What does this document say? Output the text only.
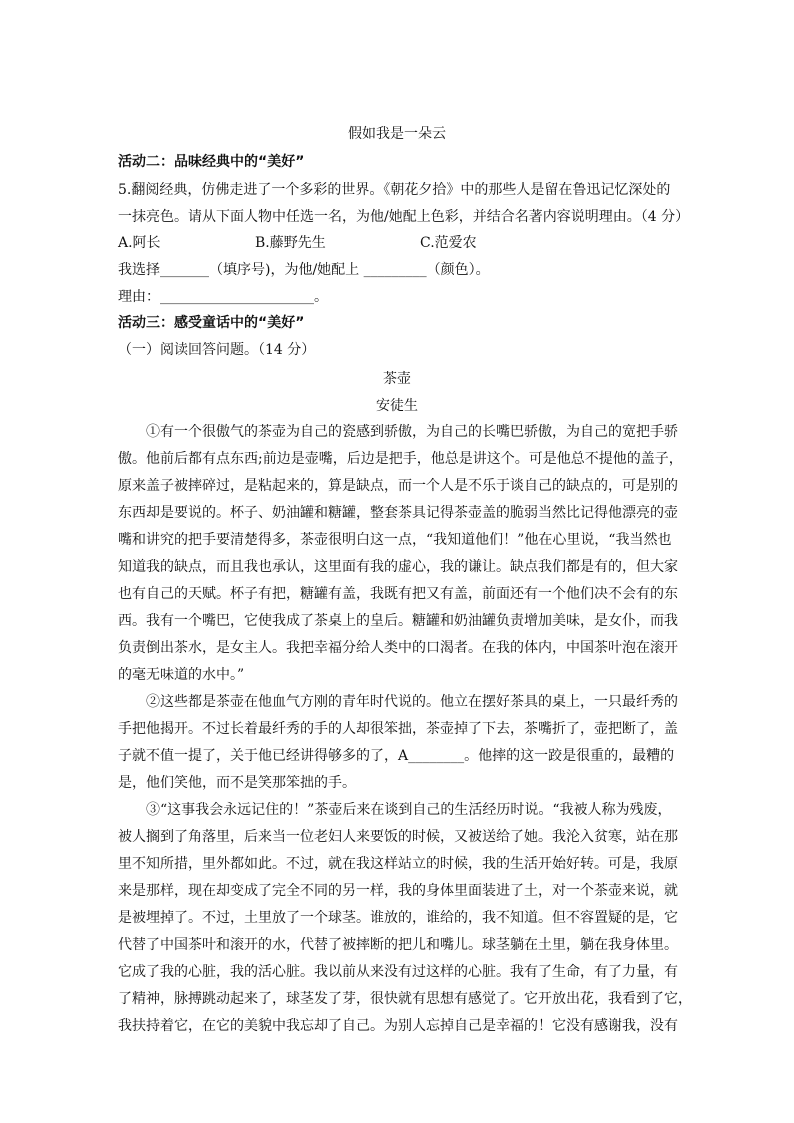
假如我是一朵云
活动二：品味经典中的“美好”
5.翻阅经典，仿佛走进了一个多彩的世界。《朝花夕拾》中的那些人是留在鲁迅记忆深处的
一抹亮色。请从下面人物中任选一名，为他/她配上色彩，并结合名著内容说明理由。（4 分）
A.阿长	B.藤野先生	C.范爱农
我选择_______（填序号)，为他/她配上 _________（颜色）。
理由：______________________。
活动三：感受童话中的“美好”
（一）阅读回答问题。（14 分）
茶壶
安徒生
①有一个很傲气的茶壶为自己的瓷感到骄傲，为自己的长嘴巴骄傲，为自己的宽把手骄
傲。他前后都有点东西;前边是壶嘴，后边是把手，他总是讲这个。可是他总不提他的盖子，
原来盖子被摔碎过，是粘起来的，算是缺点，而一个人是不乐于谈自己的缺点的，可是别的
东西却是要说的。杯子、奶油罐和糖罐，整套茶具记得茶壶盖的脆弱当然比记得他漂亮的壶
嘴和讲究的把手要清楚得多，茶壶很明白这一点，“我知道他们！”他在心里说，“我当然也
知道我的缺点，而且我也承认，这里面有我的虚心，我的谦让。缺点我们都是有的，但大家
也有自己的天赋。杯子有把，糖罐有盖，我既有把又有盖，前面还有一个他们决不会有的东
西。我有一个嘴巴，它使我成了茶桌上的皇后。糖罐和奶油罐负责增加美味，是女仆，而我
负责倒出茶水，是女主人。我把幸福分给人类中的口渴者。在我的体内，中国茶叶泡在滚开
的毫无味道的水中。”
②这些都是茶壶在他血气方刚的青年时代说的。他立在摆好茶具的桌上，一只最纤秀的
手把他揭开。不过长着最纤秀的手的人却很笨拙，茶壶掉了下去，茶嘴折了，壶把断了，盖
子就不值一提了，关于他已经讲得够多的了，A________。他摔的这一跤是很重的，最糟的
是，他们笑他，而不是笑那笨拙的手。
③“这事我会永远记住的！”茶壶后来在谈到自己的生活经历时说。“我被人称为残废，
被人搁到了角落里，后来当一位老妇人来要饭的时候，又被送给了她。我沦入贫寒，站在那
里不知所措，里外都如此。不过，就在我这样站立的时候，我的生活开始好转。可是，我原
来是那样，现在却变成了完全不同的另一样，我的身体里面装进了土，对一个茶壶来说，就
是被埋掉了。不过，土里放了一个球茎。谁放的，谁给的，我不知道。但不容置疑的是，它
代替了中国茶叶和滚开的水，代替了被摔断的把儿和嘴儿。球茎躺在土里，躺在我身体里。
它成了我的心脏，我的活心脏。我以前从来没有过这样的心脏。我有了生命，有了力量，有
了精神，脉搏跳动起来了，球茎发了芽，很快就有思想有感觉了。它开放出花，我看到了它，
我扶持着它，在它的美貌中我忘却了自己。为别人忘掉自己是幸福的！它没有感谢我，没有
